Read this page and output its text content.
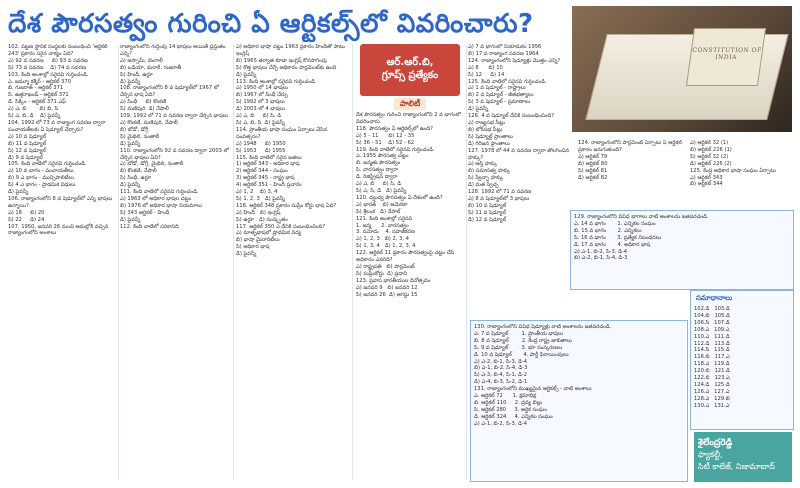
దేశ పౌరసత్వం గురించి ఏ ఆర్టికల్స్‌లో వివరించారు?
CONSTITUTION OF INDIA
ఆర్.ఆర్.బి,
గ్రూప్స్ ప్రత్యేకం
పాలిటీ
102. పట్టణ స్థానిక సంస్థలకు సంబంధించి 'ఆర్టికల్ 243' ప్రకారం సరైన వాక్యం ఏది?
ఎ) 92 వ సవరణ     బి) 93 వ సవరణ
సి) 73 వ సవరణ    డి) 74 వ సవరణ
103. కింది అంశాల్లో సరైనవి గుర్తించండి.
ఎ. జమ్మూ కశ్మీర్ - ఆర్టికల్ 370
బి. గుజరాత్ - ఆర్టికల్ 371
సి. ఉత్తరాఖండ్ - ఆర్టికల్ 371
డి. సిక్కిం - ఆర్టికల్ 371 ఎఫ్
ఎ) ఎ, బి        బి) బి, సి
సి) ఎ, బి, డి    డి) పైవన్నీ
104. 1992 లో 73 వ రాజ్యాంగ సవరణ ద్వారా పంచాయతీలకు ఏ షెడ్యూల్ చేర్చారు?
ఎ) 10 వ షెడ్యూల్
బి) 11 వ షెడ్యూల్
సి) 12 వ షెడ్యూల్
డి) 9 వ షెడ్యూల్
105. కింది వాటిలో సరైనవి గుర్తించండి.
ఎ) 10 వ భాగం - పంచాయతీలు
బి) 9 ఎ భాగం - మున్సిపాలిటీలు
సి) 4 ఎ భాగం - ప్రాథమిక విధులు
డి) పైవన్నీ
106. రాజ్యాంగంలోని 8 వ షెడ్యూల్‌లో ఎన్ని భాషలు ఉన్నాయి?
ఎ) 18     బి) 20
సి) 22     డి) 24
107. 1950, జనవరి 26 నుంచి అమల్లోకి వచ్చిన రాజ్యాంగంలోని అంశాలు
రాజ్యాంగంలోని గుర్తింపు 14 భాషలు అయితే ప్రస్తుతం ఎన్ని?
ఎ) అస్సామీ, బెంగాలీ
బి) ఒడియా, మరాఠీ, గుజరాతీ
సి) హిందీ, ఉర్దూ
డి) పైవన్నీ
108. రాజ్యాంగంలోని 8 వ షెడ్యూల్‌లో 1967 లో చేర్చిన భాష ఏది?
ఎ) సింధీ     బి) కొంకణి
సి) మణిపురి  డి) నేపాలీ
109. 1992 లో 71 వ సవరణ ద్వారా చేర్చిన భాషలు
ఎ) కొంకణి, మణిపురి, నేపాలీ
బి) బోడో, డోగ్రీ
సి) మైథిలి, సంతాలీ
డి) పైవన్నీ
110. రాజ్యాంగంలోని 92 వ సవరణ ద్వారా 2003 లో చేర్చిన భాషలు ఏవి?
ఎ) బోడో, డోగ్రీ, మైథిలి, సంతాలీ
బి) కొంకణి, నేపాలీ
సి) సింధీ, ఉర్దూ
డి) పైవన్నీ
111. కింది వాటిలో సరైనవి గుర్తించండి.
ఎ) 1963 లో అధికార భాషల చట్టం
బి) 1976 లో అధికార భాషా నియమాలు
సి) 343 ఆర్టికల్ - హిందీ
డి) పైవన్నీ
112. కింది వాటిలో సరికానిది
ఎ) అధికార భాషా చట్టం 1963 ప్రకారం హిందీతో పాటు ఇంగ్లిష్
బి) 1965 తర్వాత కూడా ఇంగ్లిష్ కొనసాగింపు
సి) కొత్త భాషలు చేర్చే అధికారం పార్లమెంట్‌కు ఉంది
డి) పైవన్నీ
113. కింది అంశాల్లో సరైనవి గుర్తించండి.
ఎ) 1950 లో 14 భాషలు
బి) 1967 లో సింధీ చేర్పు
సి) 1992 లో 3 భాషలు
డి) 2003 లో 4 భాషలు
ఎ) ఎ, బి     బి) సి, డి
సి) ఎ, బి, సి  డి) పైవన్నీ
114. ప్రాంతీయ భాషా సంఘం ఏర్పాటు చేసిన సంవత్సరం?
ఎ) 1948     బి) 1950
సి) 1953     డి) 1955
115. కింది వాటిలో సరైన జతలు
1) ఆర్టికల్ 343 - అధికార భాష
2) ఆర్టికల్ 344 - సంఘం
3) ఆర్టికల్ 345 - రాష్ట్ర భాష
4) ఆర్టికల్ 351 - హిందీ ప్రచారం
ఎ) 1, 2    బి) 3, 4
సి) 1, 2, 3   డి) పైవన్నీ
116. ఆర్టికల్ 348 ప్రకారం సుప్రీం కోర్టు భాష ఏది?
ఎ) హిందీ   బి) ఇంగ్లిష్
సి) ఉర్దూ   డి) సంస్కృతం
117. ఆర్టికల్ 350 ఎ దేనికి సంబంధించింది?
ఎ) మాతృభాషలో ప్రాథమిక విద్య
బి) భాషా మైనారిటీలు
సి) అధికార భాష
డి) పైవన్నీ
దేశ పౌరసత్వం గురించి రాజ్యాంగంలోని 2 వ భాగంలో వివరించారు.
118. పౌరసత్వం ఏ ఆర్టికల్స్‌లో ఉంది?
ఎ) 5 - 11      బి) 12 - 35
సి) 36 - 51    డి) 52 - 62
119. కింది వాటిలో సరైనవి గుర్తించండి.
ఎ. 1955 పౌరసత్వ చట్టం
బి. జన్మతః పౌరసత్వం
సి. వారసత్వం ద్వారా
డి. రిజిస్ట్రేషన్ ద్వారా
ఎ) ఎ, బి     బి) సి, డి
సి) ఎ, సి, డి   డి) పైవన్నీ
120. ద్వంద్వ పౌరసత్వం ఏ దేశంలో ఉంది?
ఎ) భారత్    బి) అమెరికా
సి) శ్రీలంక   డి) నేపాల్
121. కింది అంశాల్లో సరైనవి
1. జన్మ      2. వారసత్వం
3. నమోదు    4. సహజీకరణ
ఎ) 1, 2, 3   బి) 2, 3, 4
సి) 1, 3, 4   డి) 1, 2, 3, 4
122. ఆర్టికల్ 11 ప్రకారం పౌరసత్వంపై చట్టం చేసే అధికారం ఎవరిది?
ఎ) రాష్ట్రపతి   బి) పార్లమెంట్
సి) సుప్రీంకోర్టు  డి) ప్రధాని
123. ప్రవాస భారతీయుల దినోత్సవం
ఎ) జనవరి 9   బి) జనవరి 12
సి) జనవరి 26  డి) ఆగస్టు 15
ఎ) 7 వ భాగంలో నియామకం 1956
బి) 17 వ రాజ్యాంగ సవరణ 1964
124. రాజ్యాంగంలోని షెడ్యూళ్లు మొత్తం ఎన్ని?
ఎ) 8      బి) 10
సి) 12     డి) 14
125. కింది వాటిలో సరైనవి గుర్తించండి.
ఎ) 1 వ షెడ్యూల్ - రాష్ట్రాలు
బి) 2 వ షెడ్యూల్ - జీతభత్యాలు
సి) 3 వ షెడ్యూల్ - ప్రమాణాలు
డి) పైవన్నీ
126. 4 వ షెడ్యూల్ దేనికి సంబంధించింది?
ఎ) రాజ్యసభ సీట్లు
బి) లోక్‌సభ సీట్లు
సి) షెడ్యూల్డ్ ప్రాంతాలు
డి) గిరిజన ప్రాంతాలు
127. 1978 లో 44 వ సవరణ ద్వారా తొలగించిన హక్కు?
ఎ) ఆస్తి హక్కు
బి) సమానత్వ హక్కు
సి) స్వేచ్ఛా హక్కు
డి) మత స్వేచ్ఛ
128. 1992 లో 71 వ సవరణ
ఎ) 8 వ షెడ్యూల్‌లో 3 భాషలు
బి) 10 వ షెడ్యూల్
సి) 11 వ షెడ్యూల్
డి) 12 వ షెడ్యూల్
124. రాజ్యాంగంలోని పార్లమెంట్ ఏర్పాటు ఏ ఆర్టికల్ ప్రకారం జరుగుతుంది?
ఎ) ఆర్టికల్ 79
బి) ఆర్టికల్ 80
సి) ఆర్టికల్ 81
డి) ఆర్టికల్ 82
ఎ) ఆర్టికల్ 32 (1)
బి) ఆర్టికల్ 226 (1)
సి) ఆర్టికల్ 32 (2)
డి) ఆర్టికల్ 226 (2)
125. కేంద్ర అధికార భాషా సంఘం ఏర్పాటు
ఎ) ఆర్టికల్ 343
బి) ఆర్టికల్ 344
129. రాజ్యాంగంలోని వివిధ భాగాలు వాటి అంశాలను జతపరచండి.
ఎ. 14 వ భాగం       1. ఎన్నికల సంఘం
బి. 15 వ భాగం       2. ఎన్నికలు
సి. 16 వ భాగం       3. ప్రత్యేక నిబంధనలు
డి. 17 వ భాగం       4. అధికార భాష
ఎ) ఎ-1, బి-2, సి-3, డి-4
బి) ఎ-2, బి-1, సి-4, డి-3
130. రాజ్యాంగంలోని వివిధ షెడ్యూళ్లు వాటి అంశాలను జతపరచండి.
ఎ. 7 వ షెడ్యూల్        1. ప్రాంతీయ భాషలు
బి. 8 వ షెడ్యూల్        2. కేంద్ర రాష్ట్ర జాబితాలు
సి. 9 వ షెడ్యూల్        3. భూ సంస్కరణలు
డి. 10 వ షెడ్యూల్       4. పార్టీ ఫిరాయింపులు
ఎ) ఎ-2, బి-1, సి-3, డి-4
బి) ఎ-1, బి-2, సి-4, డి-3
సి) ఎ-3, బి-4, సి-1, డి-2
డి) ఎ-4, బి-3, సి-2, డి-1
131. రాజ్యాంగంలోని ముఖ్యమైన ఆర్టికల్స్ - వాటి అంశాలు
ఎ. ఆర్టికల్ 72      1. క్షమాభిక్ష
బి. ఆర్టికల్ 110     2. ద్రవ్య బిల్లు
సి. ఆర్టికల్ 280     3. ఆర్థిక సంఘం
డి. ఆర్టికల్ 324     4. ఎన్నికల సంఘం
ఎ) ఎ-1, బి-2, సి-3, డి-4
సమాధానాలు
102.డి   103.డి
104.బి   105.డి
106.సి   107.డి
108.ఎ   109.ఎ
110.ఎ   111.డి
112.డి   113.డి
114.సి   115.డి
116.బి   117.ఎ
118.ఎ   119.డి
120.బి   121.డి
122.బి   123.ఎ
124.డి   125.డి
126.ఎ   127.ఎ
128.ఎ   129.బి
130.ఎ   131.ఎ
శైలేంద్రరెడ్డి
ఫ్యాకల్టీ,
సిటీ కాలేజ్, నిజామాబాద్
